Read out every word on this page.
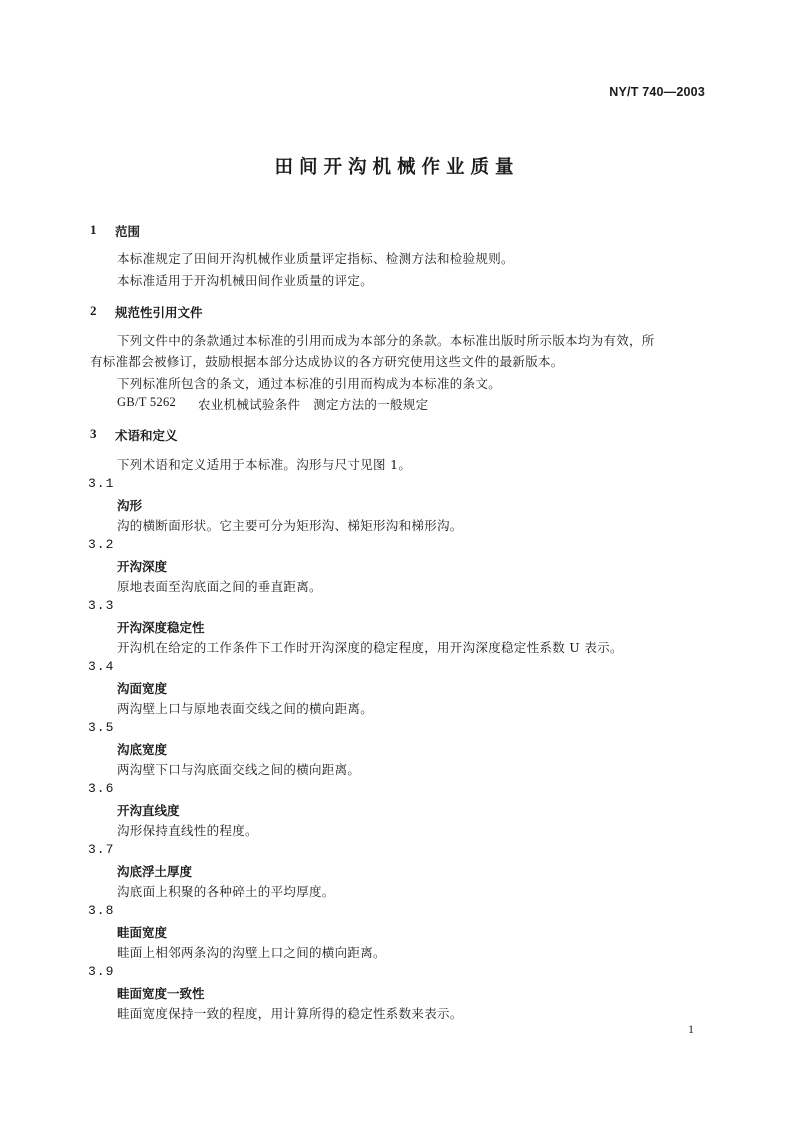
NY/T 740—2003
田间开沟机械作业质量
1 范围
本标准规定了田间开沟机械作业质量评定指标、检测方法和检验规则。
本标准适用于开沟机械田间作业质量的评定。
2 规范性引用文件
下列文件中的条款通过本标准的引用而成为本部分的条款。本标准出版时所示版本均为有效，所
有标准都会被修订，鼓励根据本部分达成协议的各方研究使用这些文件的最新版本。
下列标准所包含的条文，通过本标准的引用而构成为本标准的条文。
GB/T 5262 农业机械试验条件　测定方法的一般规定
3 术语和定义
下列术语和定义适用于本标准。沟形与尺寸见图 1。
3.1
沟形
沟的横断面形状。它主要可分为矩形沟、梯矩形沟和梯形沟。
3.2
开沟深度
原地表面至沟底面之间的垂直距离。
3.3
开沟深度稳定性
开沟机在给定的工作条件下工作时开沟深度的稳定程度，用开沟深度稳定性系数 U 表示。
3.4
沟面宽度
两沟壁上口与原地表面交线之间的横向距离。
3.5
沟底宽度
两沟壁下口与沟底面交线之间的横向距离。
3.6
开沟直线度
沟形保持直线性的程度。
3.7
沟底浮土厚度
沟底面上积聚的各种碎土的平均厚度。
3.8
畦面宽度
畦面上相邻两条沟的沟壁上口之间的横向距离。
3.9
畦面宽度一致性
畦面宽度保持一致的程度，用计算所得的稳定性系数来表示。
1
